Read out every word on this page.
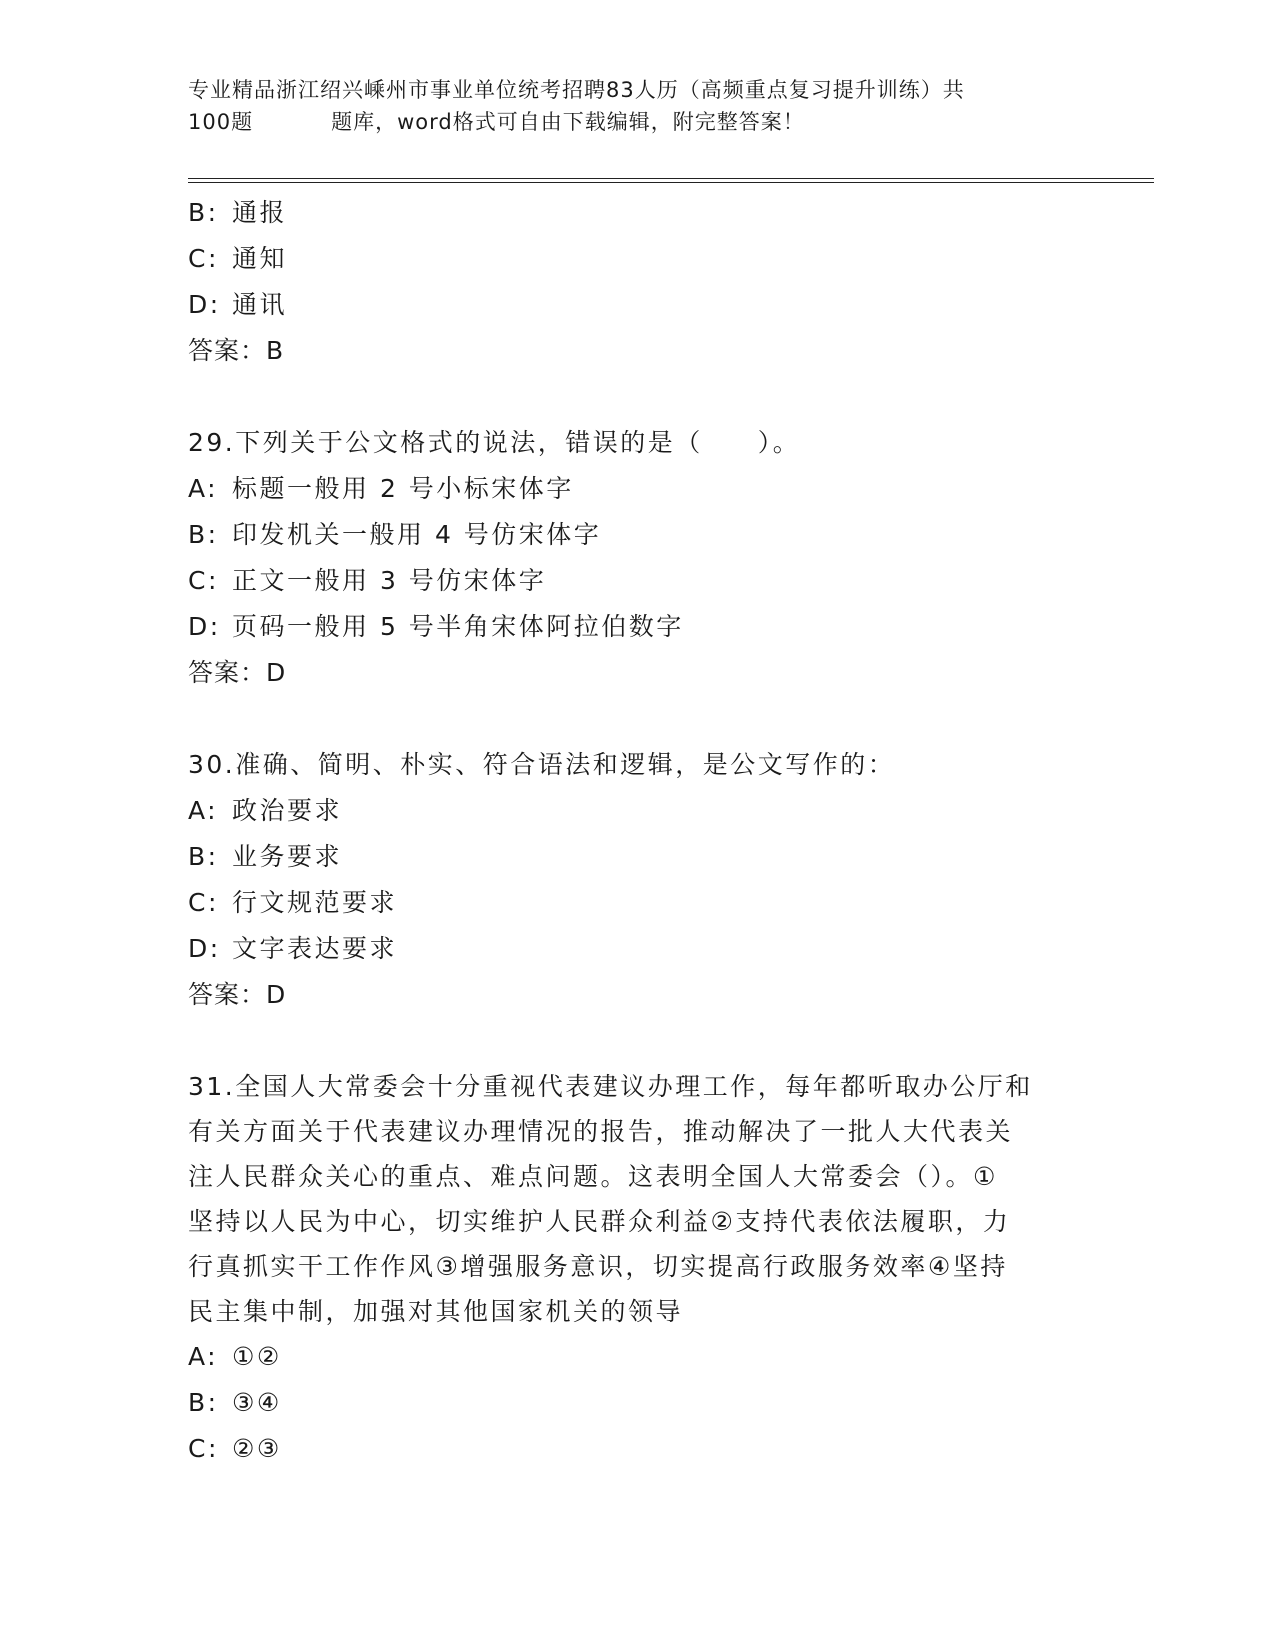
专业精品浙江绍兴嵊州市事业单位统考招聘83人历（高频重点复习提升训练）共
100题	题库，word格式可自由下载编辑，附完整答案！
B: 通报
C: 通知
D: 通讯
答案：B
29.下列关于公文格式的说法，错误的是（　　）。
A: 标题一般用 2 号小标宋体字
B: 印发机关一般用 4 号仿宋体字
C: 正文一般用 3 号仿宋体字
D: 页码一般用 5 号半角宋体阿拉伯数字
答案：D
30.准确、简明、朴实、符合语法和逻辑，是公文写作的：
A: 政治要求
B: 业务要求
C: 行文规范要求
D: 文字表达要求
答案：D
31.全国人大常委会十分重视代表建议办理工作，每年都听取办公厅和
有关方面关于代表建议办理情况的报告，推动解决了一批人大代表关
注人民群众关心的重点、难点问题。这表明全国人大常委会（）。①
坚持以人民为中心，切实维护人民群众利益②支持代表依法履职，力
行真抓实干工作作风③增强服务意识，切实提高行政服务效率④坚持
民主集中制，加强对其他国家机关的领导
A: ①②
B: ③④
C: ②③
